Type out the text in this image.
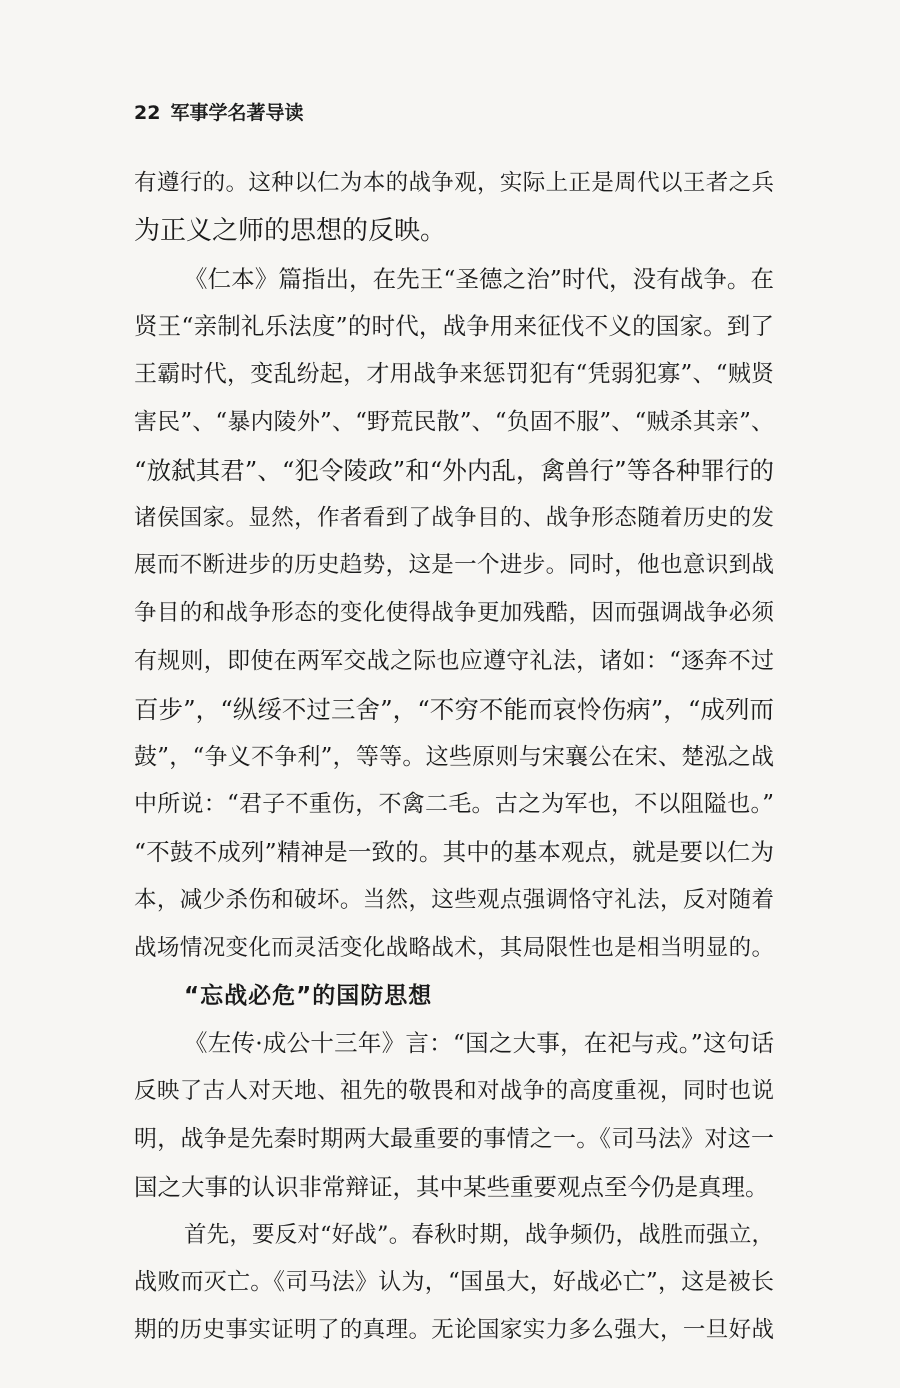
22 军事学名著导读
有遵行的。这种以仁为本的战争观，实际上正是周代以王者之兵
为正义之师的思想的反映。
《仁本》篇指出，在先王“圣德之治”时代，没有战争。在
贤王“亲制礼乐法度”的时代，战争用来征伐不义的国家。到了
王霸时代，变乱纷起，才用战争来惩罚犯有“凭弱犯寡”、“贼贤
害民”、“暴内陵外”、“野荒民散”、“负固不服”、“贼杀其亲”、
“放弑其君”、“犯令陵政”和“外内乱，禽兽行”等各种罪行的
诸侯国家。显然，作者看到了战争目的、战争形态随着历史的发
展而不断进步的历史趋势，这是一个进步。同时，他也意识到战
争目的和战争形态的变化使得战争更加残酷，因而强调战争必须
有规则，即使在两军交战之际也应遵守礼法，诸如：“逐奔不过
百步”，“纵绥不过三舍”，“不穷不能而哀怜伤病”，“成列而
鼓”，“争义不争利”，等等。这些原则与宋襄公在宋、楚泓之战
中所说：“君子不重伤，不禽二毛。古之为军也，不以阻隘也。”
“不鼓不成列”精神是一致的。其中的基本观点，就是要以仁为
本，减少杀伤和破坏。当然，这些观点强调恪守礼法，反对随着
战场情况变化而灵活变化战略战术，其局限性也是相当明显的。
“忘战必危”的国防思想
《左传·成公十三年》言：“国之大事，在祀与戎。”这句话
反映了古人对天地、祖先的敬畏和对战争的高度重视，同时也说
明，战争是先秦时期两大最重要的事情之一。《司马法》对这一
国之大事的认识非常辩证，其中某些重要观点至今仍是真理。
首先，要反对“好战”。春秋时期，战争频仍，战胜而强立，
战败而灭亡。《司马法》认为，“国虽大，好战必亡”，这是被长
期的历史事实证明了的真理。无论国家实力多么强大，一旦好战
